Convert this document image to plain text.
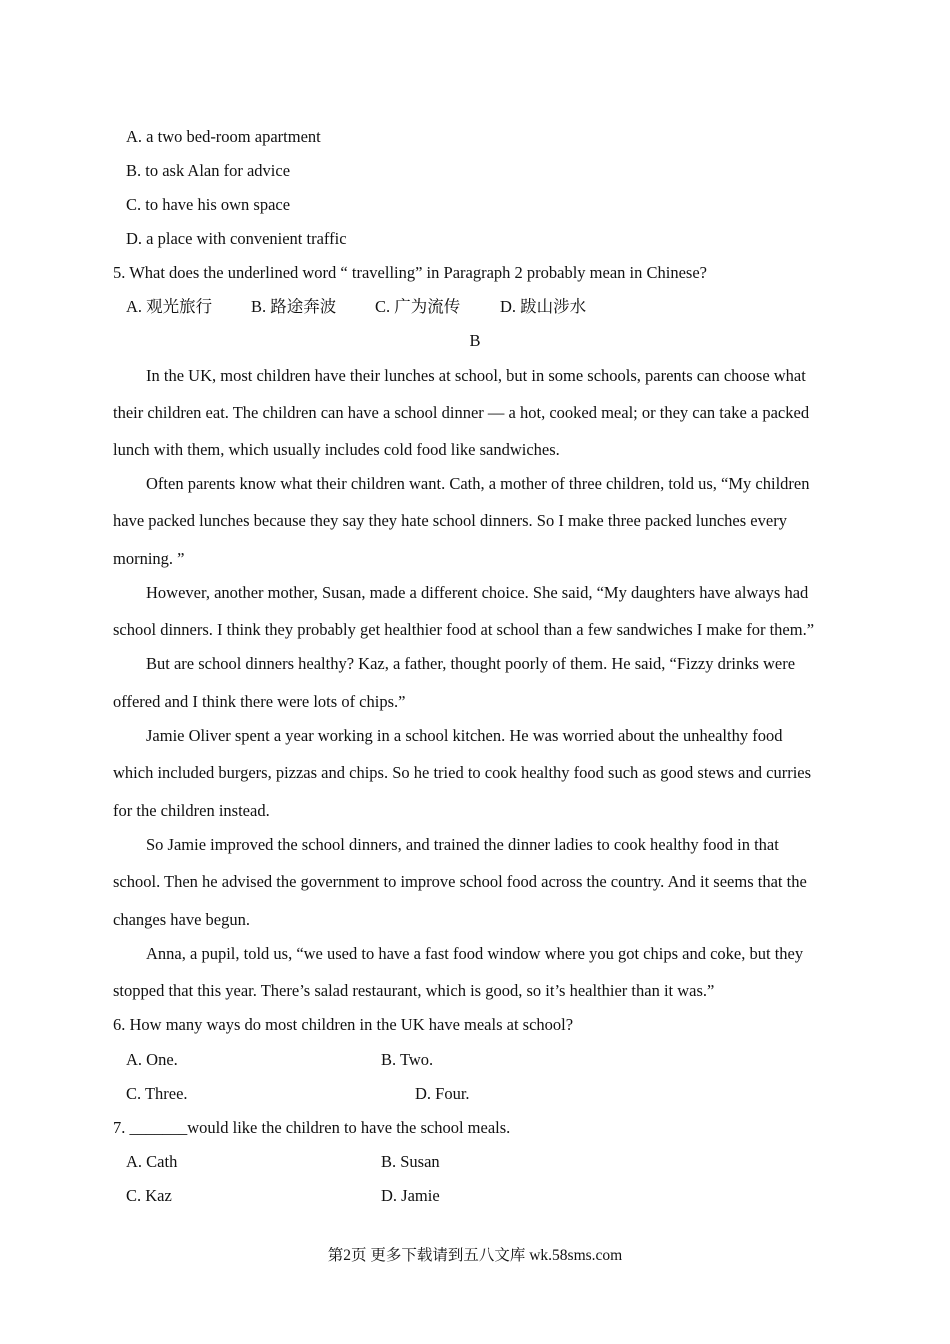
A. a two bed-room apartment
B. to ask Alan for advice
C. to have his own space
D. a place with convenient traffic
5. What does the underlined word “ travelling” in Paragraph 2 probably mean in Chinese?
A. 观光旅行 B. 路途奔波 C. 广为流传 D. 跋山涉水
B
In the UK, most children have their lunches at school, but in some schools, parents can choose what
their children eat. The children can have a school dinner — a hot, cooked meal; or they can take a packed
lunch with them, which usually includes cold food like sandwiches.
Often parents know what their children want. Cath, a mother of three children, told us, “My children
have packed lunches because they say they hate school dinners. So I make three packed lunches every
morning. ”
However, another mother, Susan, made a different choice. She said, “My daughters have always had
school dinners. I think they probably get healthier food at school than a few sandwiches I make for them.”
But are school dinners healthy? Kaz, a father, thought poorly of them. He said, “Fizzy drinks were
offered and I think there were lots of chips.”
Jamie Oliver spent a year working in a school kitchen. He was worried about the unhealthy food
which included burgers, pizzas and chips. So he tried to cook healthy food such as good stews and curries
for the children instead.
So Jamie improved the school dinners, and trained the dinner ladies to cook healthy food in that
school. Then he advised the government to improve school food across the country. And it seems that the
changes have begun.
Anna, a pupil, told us, “we used to have a fast food window where you got chips and coke, but they
stopped that this year. There’s salad restaurant, which is good, so it’s healthier than it was.”
6. How many ways do most children in the UK have meals at school?
A. One.	B. Two.
C. Three.	D. Four.
7. _______would like the children to have the school meals.
A. Cath	B. Susan
C. Kaz	D. Jamie
第2页 更多下载请到五八文库 wk.58sms.com
